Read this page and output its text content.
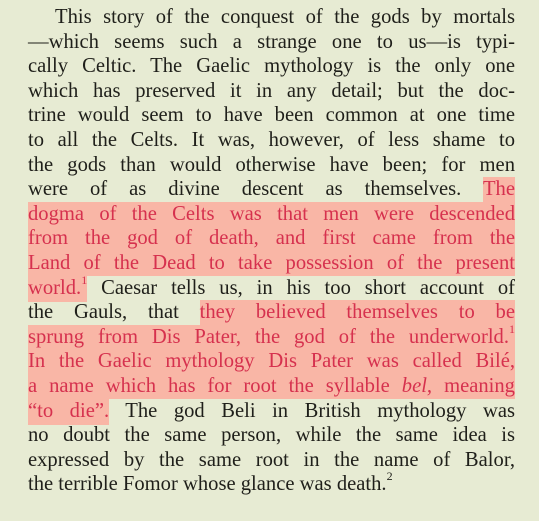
This story of the conquest of the gods by mortals
—which seems such a strange one to us—is typi-
cally Celtic. The Gaelic mythology is the only one
which has preserved it in any detail; but the doc-
trine would seem to have been common at one time
to all the Celts. It was, however, of less shame to
the gods than would otherwise have been; for men
were of as divine descent as themselves. The
dogma of the Celts was that men were descended
from the god of death, and first came from the
Land of the Dead to take possession of the present
world.$^1$ Caesar tells us, in his too short account of
the Gauls, that they believed themselves to be
sprung from Dis Pater, the god of the underworld.$^1$
In the Gaelic mythology Dis Pater was called Bilé,
a name which has for root the syllable bel, meaning
“to die”. The god Beli in British mythology was
no doubt the same person, while the same idea is
expressed by the same root in the name of Balor,
the terrible Fomor whose glance was death.$^2$
